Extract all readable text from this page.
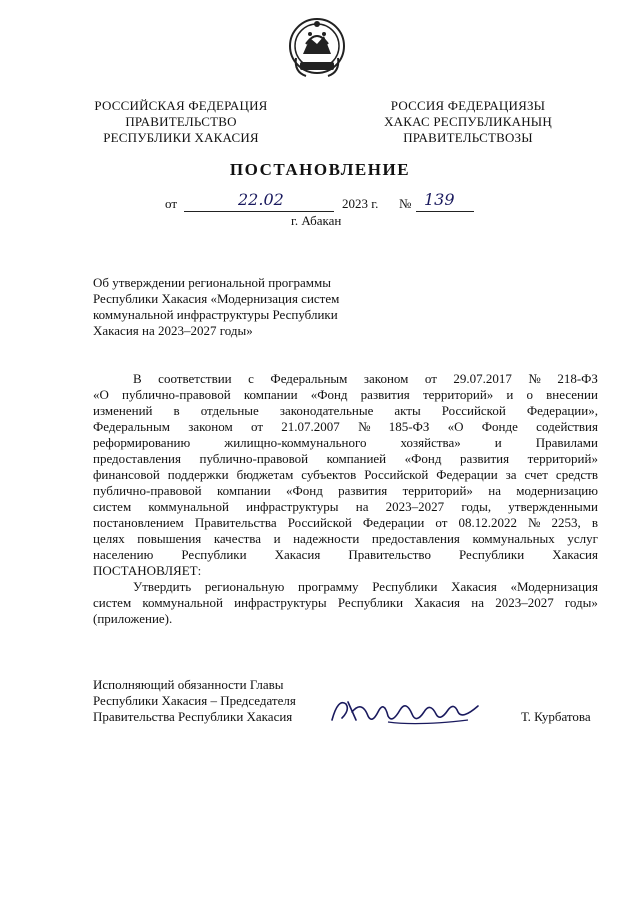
РОССИЙСКАЯ ФЕДЕРАЦИЯ
ПРАВИТЕЛЬСТВО
РЕСПУБЛИКИ ХАКАСИЯ
РОССИЯ ФЕДЕРАЦИЯЗЫ
ХАКАС РЕСПУБЛИКАНЫҢ
ПРАВИТЕЛЬСТВОЗЫ
ПОСТАНОВЛЕНИЕ
от	22.02	2023 г. № 139
г. Абакан
Об утверждении региональной программы
Республики Хакасия «Модернизация систем
коммунальной инфраструктуры Республики
Хакасия на 2023–2027 годы»
В соответствии с Федеральным законом от 29.07.2017 № 218-ФЗ
«О публично-правовой компании «Фонд развития территорий» и о внесении
изменений в отдельные законодательные акты Российской Федерации»,
Федеральным законом от 21.07.2007 № 185-ФЗ «О Фонде содействия
реформированию	жилищно-коммунального	хозяйства»	и	Правилами
предоставления публично-правовой компанией «Фонд развития территорий»
финансовой поддержки бюджетам субъектов Российской Федерации за счет средств
публично-правовой компании «Фонд развития территорий» на модернизацию
систем коммунальной инфраструктуры на 2023–2027 годы, утвержденными
постановлением Правительства Российской Федерации от 08.12.2022 № 2253, в
целях повышения качества и надежности предоставления коммунальных услуг
населению Республики Хакасия Правительство Республики Хакасия
ПОСТАНОВЛЯЕТ:
Утвердить региональную программу Республики Хакасия «Модернизация
систем коммунальной инфраструктуры Республики Хакасия на 2023–2027 годы»
(приложение).
Исполняющий обязанности Главы
Республики Хакасия – Председателя
Правительства Республики Хакасия	Т. Курбатова
